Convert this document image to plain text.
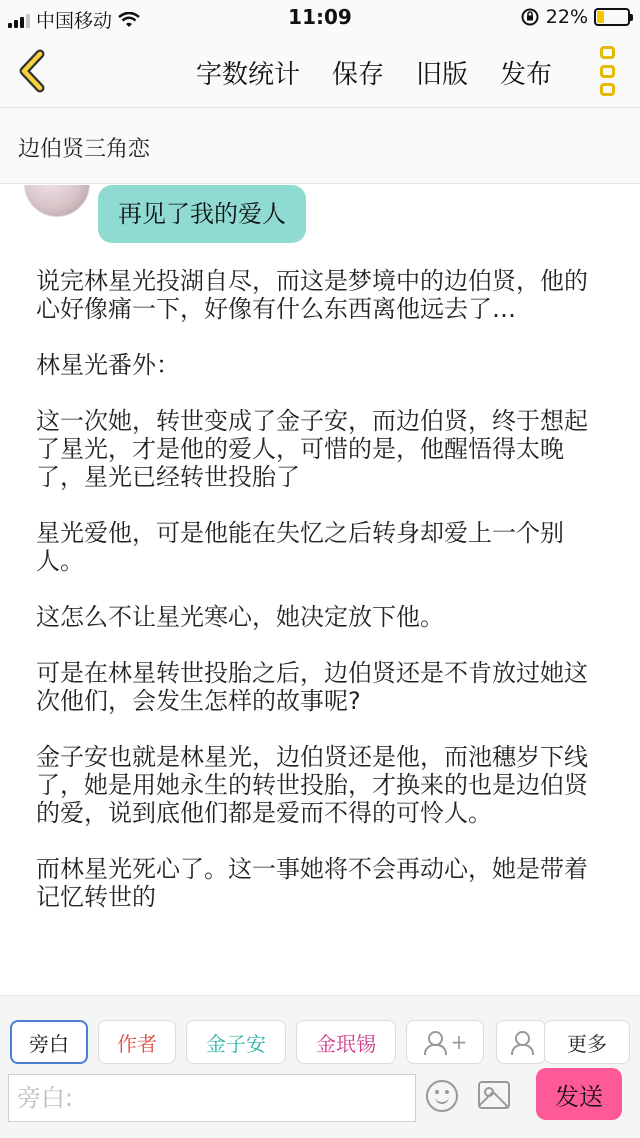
中国移动	11:09	22%
字数统计 保存 旧版 发布
边伯贤三角恋
再见了我的爱人

说完林星光投湖自尽，而这是梦境中的边伯贤，他的心好像痛一下，好像有什么东西离他远去了…

林星光番外：

这一次她，转世变成了金子安，而边伯贤，终于想起了星光，才是他的爱人，可惜的是，他醒悟得太晚了，星光已经转世投胎了

星光爱他，可是他能在失忆之后转身却爱上一个别人。

这怎么不让星光寒心，她决定放下他。

可是在林星转世投胎之后，边伯贤还是不肯放过她这次他们，会发生怎样的故事呢?

金子安也就是林星光，边伯贤还是他，而池穗岁下线了，她是用她永生的转世投胎，才换来的也是边伯贤的爱，说到底他们都是爱而不得的可怜人。

而林星光死心了。这一事她将不会再动心，她是带着记忆转世的

旁白 作者 金子安	金珉锡	+	更多
旁白:
发送
